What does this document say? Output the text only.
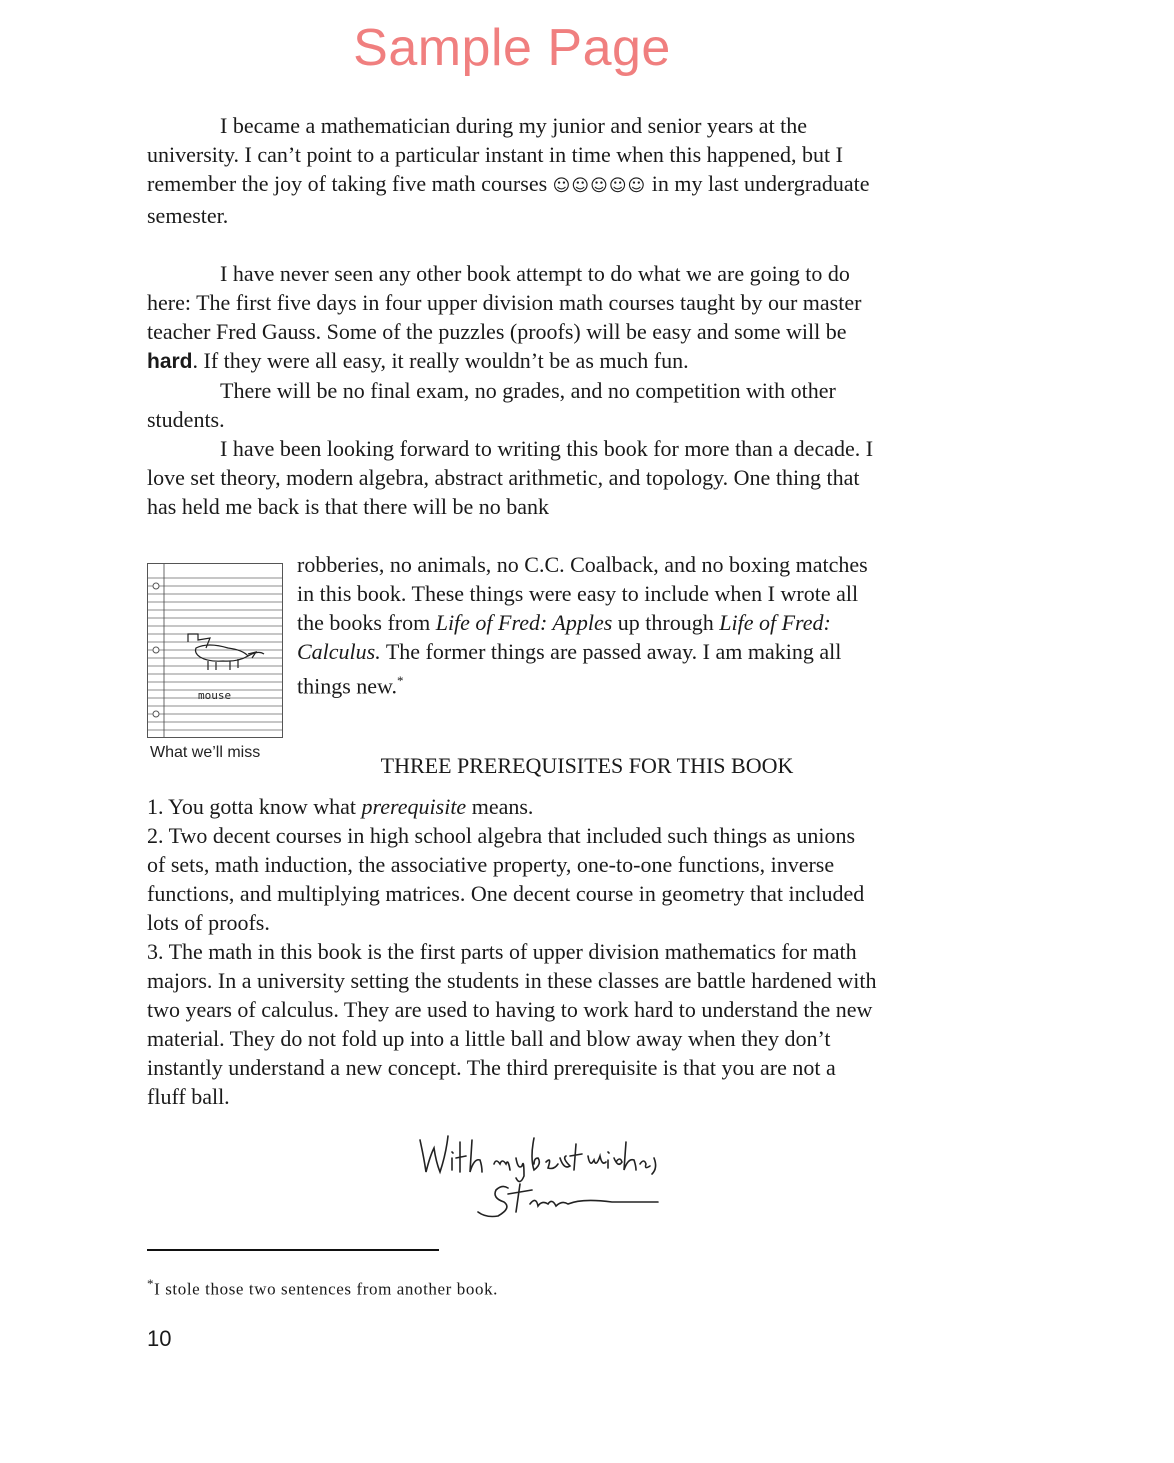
Sample Page

I became a mathematician during my junior and senior years at the university. I can’t point to a particular instant in time when this happened, but I remember the joy of taking five math courses ☺☺☺☺☺ in my last undergraduate semester.

I have never seen any other book attempt to do what we are going to do here: The first five days in four upper division math courses taught by our master teacher Fred Gauss. Some of the puzzles (proofs) will be easy and some will be hard. If they were all easy, it really wouldn’t be as much fun.

There will be no final exam, no grades, and no competition with other students.

I have been looking forward to writing this book for more than a decade. I love set theory, modern algebra, abstract arithmetic, and topology. One thing that has held me back is that there will be no bank

mouse
What we’ll miss
robberies, no animals, no C.C. Coalback, and no boxing matches in this book. These things were easy to include when I wrote all the books from Life of Fred: Apples up through Life of Fred: Calculus. The former things are passed away. I am making all things new.*
THREE PREREQUISITES FOR THIS BOOK

1. You gotta know what prerequisite means.

2. Two decent courses in high school algebra that included such things as unions of sets, math induction, the associative property, one-to-one functions, inverse functions, and multiplying matrices. One decent course in geometry that included lots of proofs.

3. The math in this book is the first parts of upper division mathematics for math majors. In a university setting the students in these classes are battle hardened with two years of calculus. They are used to having to work hard to understand the new material. They do not fold up into a little ball and blow away when they don’t instantly understand a new concept. The third prerequisite is that you are not a fluff ball.

With my best wishes, Stan
*I stole those two sentences from another book.
10
